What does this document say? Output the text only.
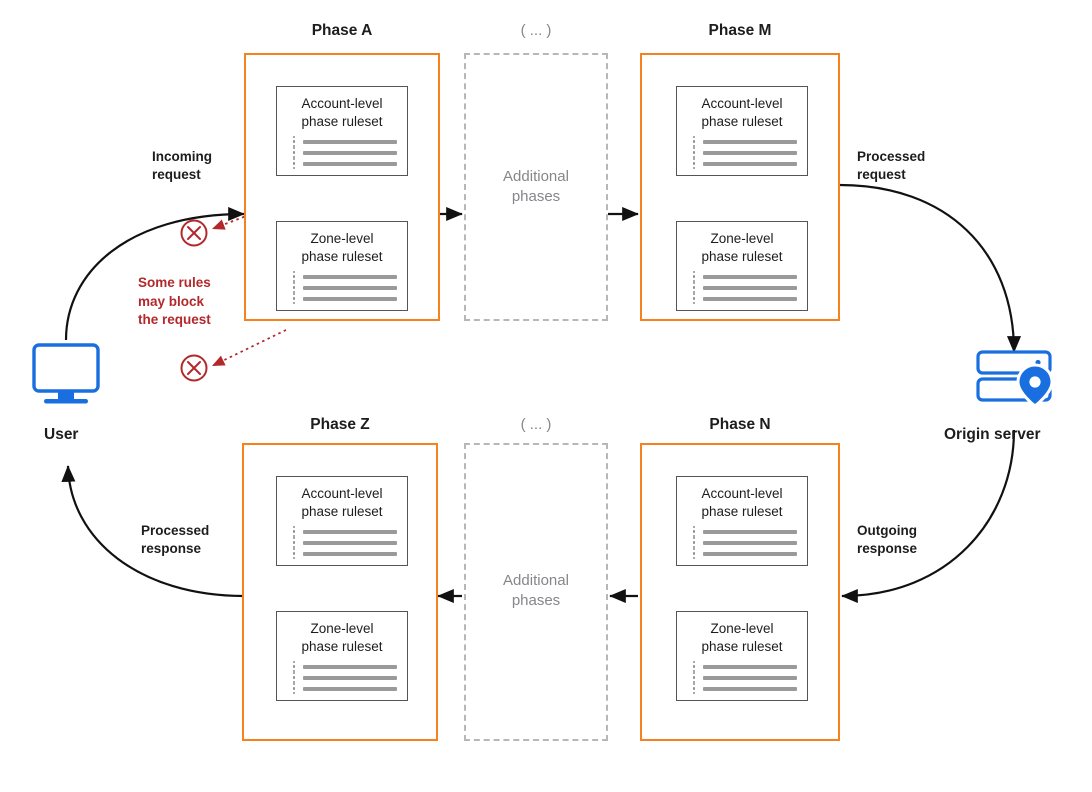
Phase A
Account-level
phase ruleset
Zone-level
phase ruleset
( ... )
Additional
phases
Phase M
Account-level
phase ruleset
Zone-level
phase ruleset
Phase Z
Account-level
phase ruleset
Zone-level
phase ruleset
( ... )
Additional
phases
Phase N
Account-level
phase ruleset
Zone-level
phase ruleset
Incoming
request
Processed
request
Outgoing
response
Processed
response
Some rules
may block
the request
User	Origin server
